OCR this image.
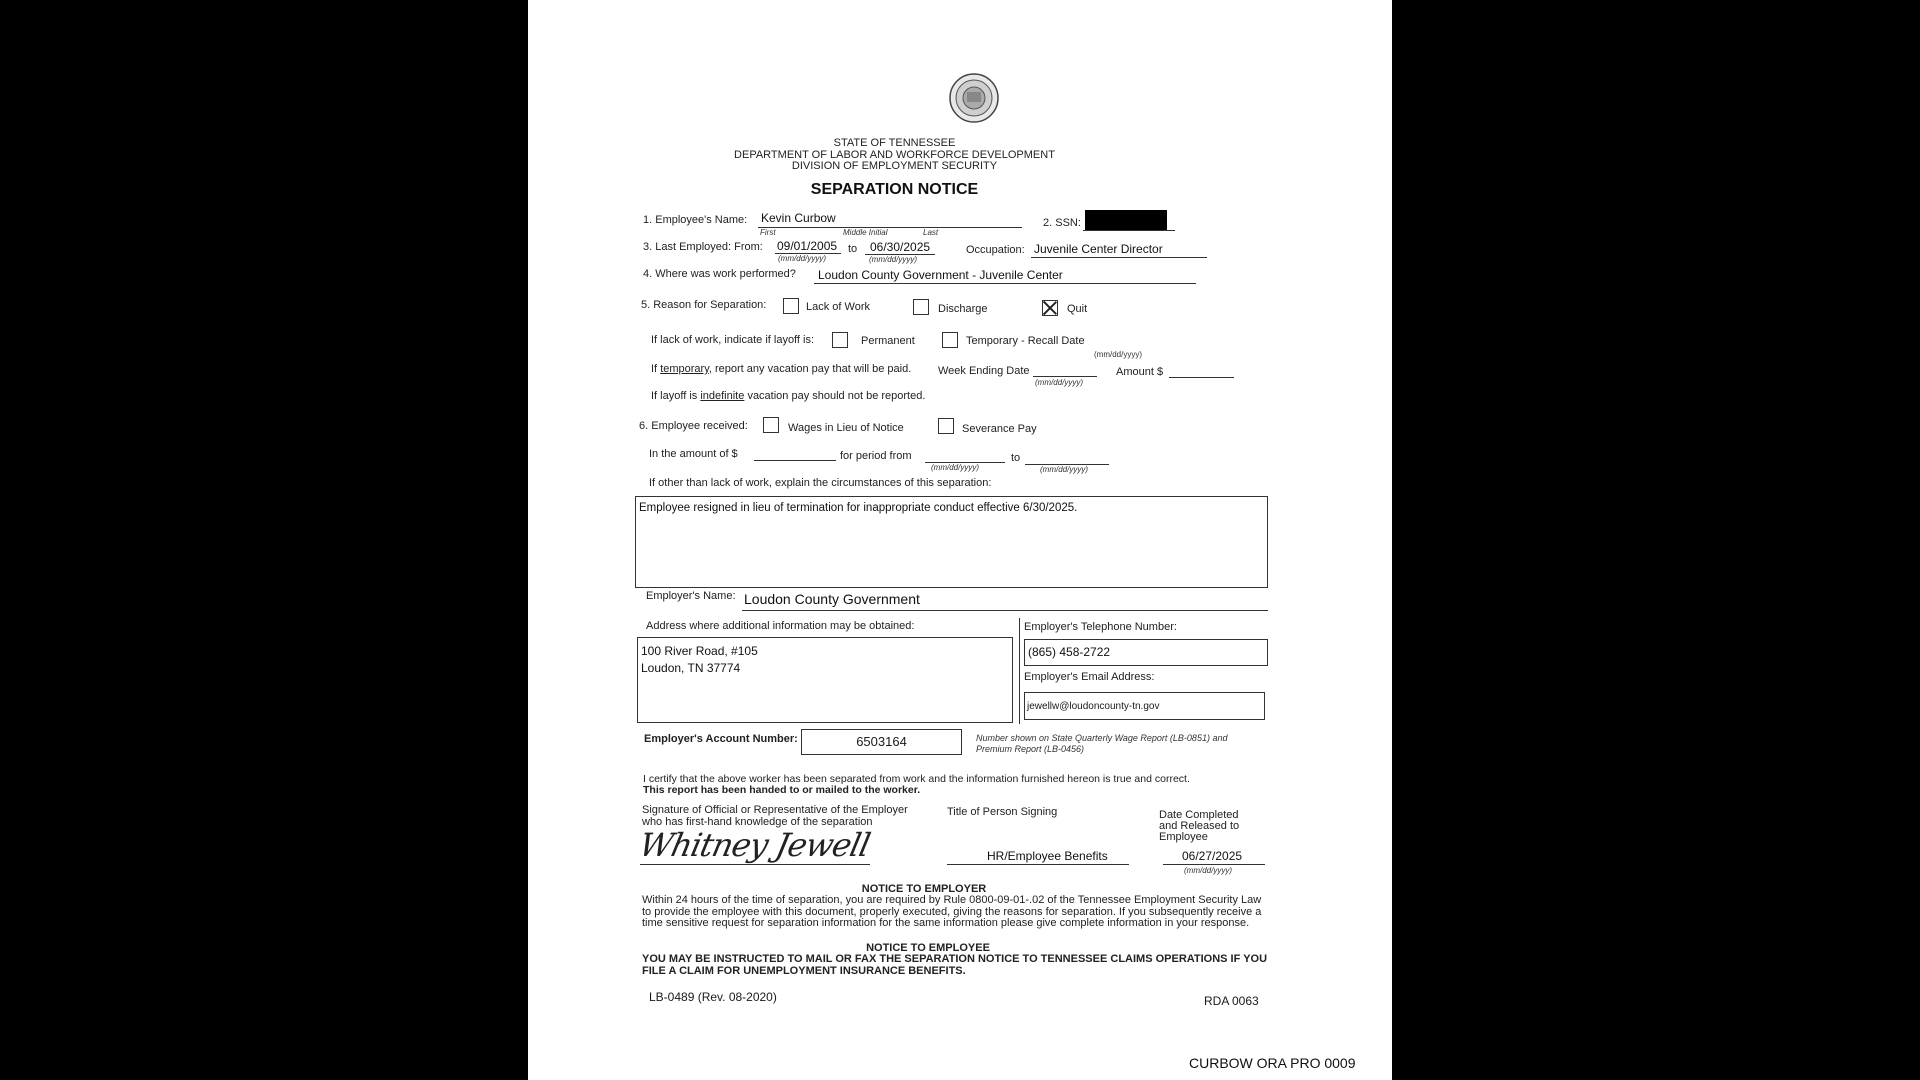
STATE OF TENNESSEE
DEPARTMENT OF LABOR AND WORKFORCE DEVELOPMENT
DIVISION OF EMPLOYMENT SECURITY
SEPARATION NOTICE
1. Employee's Name: Kevin Curbow
First	Middle Initial	Last
2. SSN:
3. Last Employed: From: 09/01/2005
(mm/dd/yyyy)
to 06/30/2025
(mm/dd/yyyy)
Occupation: Juvenile Center Director
4. Where was work performed? Loudon County Government - Juvenile Center
5. Reason for Separation:	Lack of Work	Discharge	Quit
If lack of work, indicate if layoff is:	Permanent	Temporary - Recall Date
(mm/dd/yyyy)
If temporary, report any vacation pay that will be paid. Week Ending Date
(mm/dd/yyyy)
Amount $
If layoff is indefinite vacation pay should not be reported.
6. Employee received:	Wages in Lieu of Notice	Severance Pay
In the amount of $	for period from
(mm/dd/yyyy)
to
(mm/dd/yyyy)
If other than lack of work, explain the circumstances of this separation:
Employee resigned in lieu of termination for inappropriate conduct effective 6/30/2025.
Employer's Name: Loudon County Government
Address where additional information may be obtained:
100 River Road, #105
Loudon, TN 37774
Employer's Telephone Number:
(865) 458-2722
Employer's Email Address:
jewellw@loudoncounty-tn.gov
Employer's Account Number:	6503164	Number shown on State Quarterly Wage Report (LB-0851) and
Premium Report (LB-0456)
I certify that the above worker has been separated from work and the information furnished hereon is true and correct.
This report has been handed to or mailed to the worker.
Signature of Official or Representative of the Employer
who has first-hand knowledge of the separation
Whitney Jewell
Title of Person Signing
HR/Employee Benefits
Date Completed
and Released to
Employee
06/27/2025
(mm/dd/yyyy)
NOTICE TO EMPLOYER
Within 24 hours of the time of separation, you are required by Rule 0800-09-01-.02 of the Tennessee Employment Security Law to provide the employee with this document, properly executed, giving the reasons for separation. If you subsequently receive a time sensitive request for separation information for the same information please give complete information in your response.
NOTICE TO EMPLOYEE
YOU MAY BE INSTRUCTED TO MAIL OR FAX THE SEPARATION NOTICE TO TENNESSEE CLAIMS OPERATIONS IF YOU FILE A CLAIM FOR UNEMPLOYMENT INSURANCE BENEFITS.
LB-0489 (Rev. 08-2020)	RDA 0063
CURBOW ORA PRO 0009
